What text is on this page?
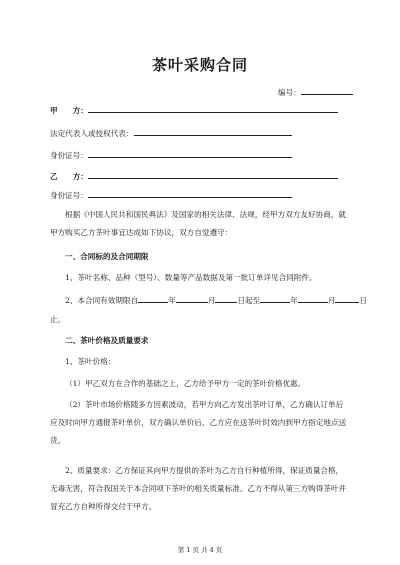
茶叶采购合同
编号：
甲　　方：
法定代表人或授权代表：
身份证号：
乙　　方：
身份证号：
根据《中国人民共和国民典法》及国家的相关法律、法规，经甲方双方友好协商，就甲方购买乙方茶叶事宜达成如下协议，双方自觉遵守：
一、合同标的及合同期限
1、茶叶名称、品种（型号）、数量等产品数据及第一批订单详见合同附件。
2、本合同有效期限自	年	月	日起至	年	月	日
止。
二、茶叶价格及质量要求
1、茶叶价格：
（1）甲乙双方在合作的基础之上，乙方给予甲方一定的茶叶价格优惠。
（2）茶叶市场价格随多方因素波动，若甲方向乙方发出茶叶订单，乙方确认订单后应及时向甲方通报茶叶单价，双方确认单价后，乙方应在送茶叶时效内到甲方指定地点送货。
2、质量要求：乙方保证其向甲方提供的茶叶为乙方自行种植所得，保证质量合格，无毒无害，符合我国关于本合同项下茶叶的相关质量标准。乙方不得从第三方购得茶叶并冒充乙方自种所得交付于甲方。
第 1 页 共 4 页
